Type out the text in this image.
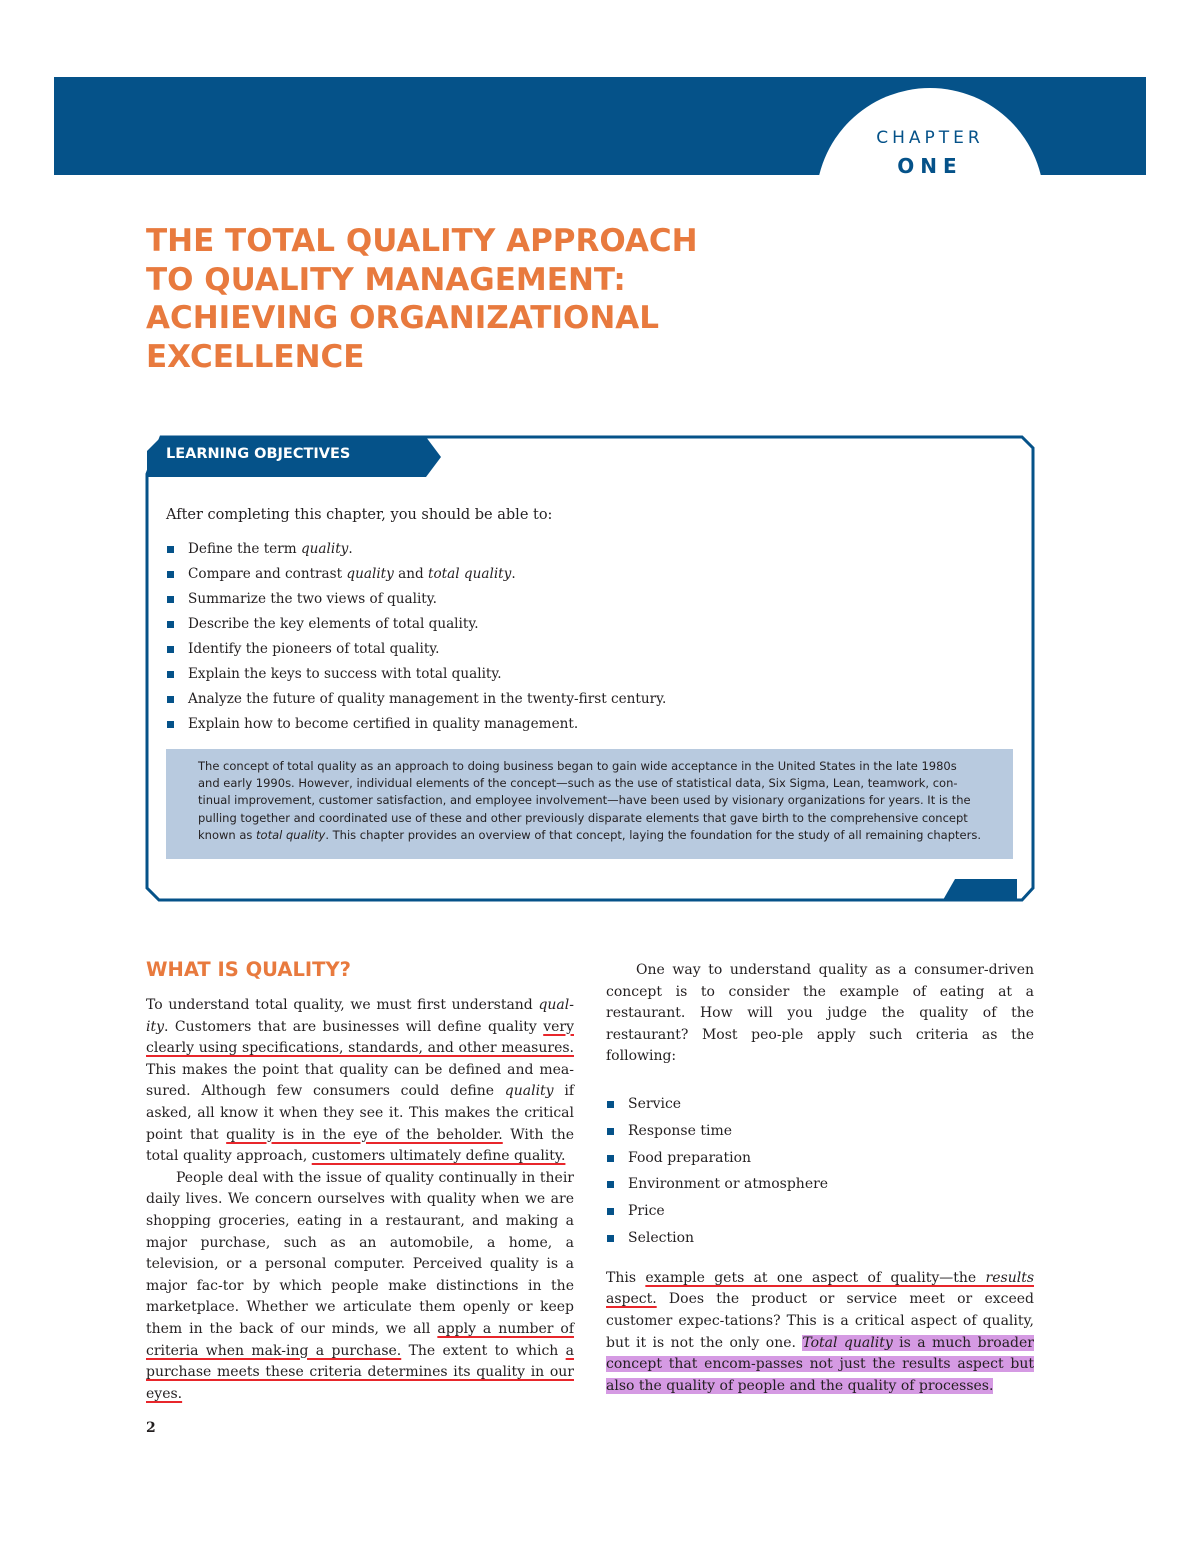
CHAPTER
ONE
THE TOTAL QUALITY APPROACH
TO QUALITY MANAGEMENT:
ACHIEVING ORGANIZATIONAL
EXCELLENCE
LEARNING OBJECTIVES
After completing this chapter, you should be able to:
Define the term quality.
Compare and contrast quality and total quality.
Summarize the two views of quality.
Describe the key elements of total quality.
Identify the pioneers of total quality.
Explain the keys to success with total quality.
Analyze the future of quality management in the twenty-first century.
Explain how to become certified in quality management.
The concept of total quality as an approach to doing business began to gain wide acceptance in the United States in the late 1980s
and early 1990s. However, individual elements of the concept—such as the use of statistical data, Six Sigma, Lean, teamwork, con-
tinual improvement, customer satisfaction, and employee involvement—have been used by visionary organizations for years. It is the
pulling together and coordinated use of these and other previously disparate elements that gave birth to the comprehensive concept
known as total quality. This chapter provides an overview of that concept, laying the foundation for the study of all remaining chapters.
WHAT IS QUALITY?

To understand total quality, we must first understand qual-ity. Customers that are businesses will define quality very clearly using specifications, standards, and other measures. This makes the point that quality can be defined and mea-sured. Although few consumers could define quality if asked, all know it when they see it. This makes the critical point that quality is in the eye of the beholder. With the total quality approach, customers ultimately define quality.

People deal with the issue of quality continually in their daily lives. We concern ourselves with quality when we are shopping groceries, eating in a restaurant, and making a major purchase, such as an automobile, a home, a television, or a personal computer. Perceived quality is a major fac-tor by which people make distinctions in the marketplace. Whether we articulate them openly or keep them in the back of our minds, we all apply a number of criteria when mak-ing a purchase. The extent to which a purchase meets these criteria determines its quality in our eyes.

One way to understand quality as a consumer-driven concept is to consider the example of eating at a restaurant. How will you judge the quality of the restaurant? Most peo-ple apply such criteria as the following:

Service
Response time
Food preparation
Environment or atmosphere
Price
Selection

This example gets at one aspect of quality—the results aspect. Does the product or service meet or exceed customer expec-tations? This is a critical aspect of quality, but it is not the only one. Total quality is a much broader concept that encom-passes not just the results aspect but also the quality of people and the quality of processes.

2
